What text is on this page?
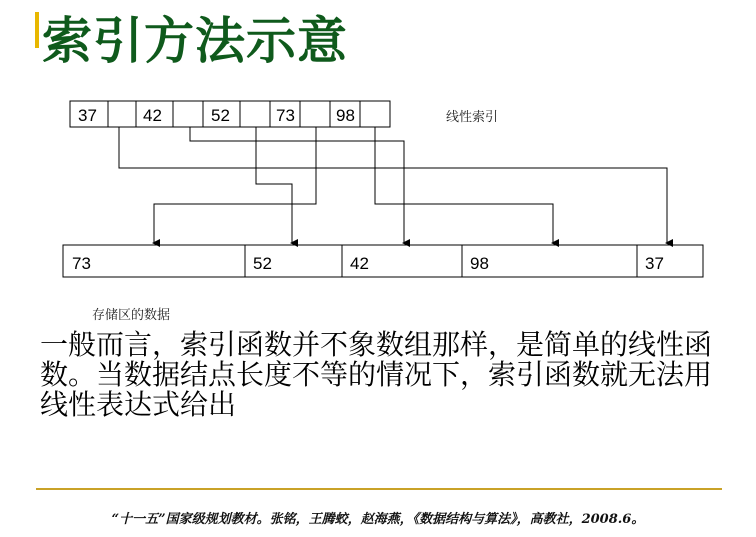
索引方法示意
37	42	52	73 98
73	52	42	98	37
线性索引
存储区的数据
一般而言，索引函数并不象数组那样，是简单的线性函数。当数据结点长度不等的情况下，索引函数就无法用线性表达式给出
“十一五”国家级规划教材。张铭，王腾蛟，赵海燕，《数据结构与算法》，高教社，2008.6。
